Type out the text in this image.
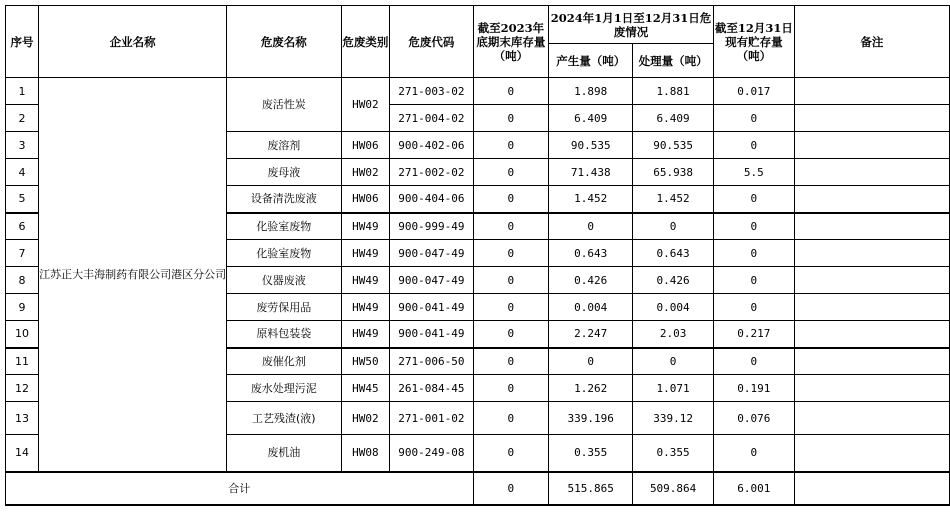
序号	企业名称	危废名称	危废类别	危废代码	截至2023年底期末库存量（吨）	2024年1月1日至12月31日危废情况		截至12月31日现有贮存量（吨）	备注
						产生量（吨）	处理量（吨）		
1	江苏正大丰海制药有限公司港区分公司	废活性炭	HW02	271-003-02	0	1.898	1.881	0.017	
2				271-004-02	0	6.409	6.409	0	
3		废溶剂	HW06	900-402-06	0	90.535	90.535	0	
4		废母液	HW02	271-002-02	0	71.438	65.938	5.5	
5		设备清洗废液	HW06	900-404-06	0	1.452	1.452	0	
6		化验室废物	HW49	900-999-49	0	0	0	0	
7		化验室废物	HW49	900-047-49	0	0.643	0.643	0	
8		仪器废液	HW49	900-047-49	0	0.426	0.426	0	
9		废劳保用品	HW49	900-041-49	0	0.004	0.004	0	
10		原料包装袋	HW49	900-041-49	0	2.247	2.03	0.217	
11		废催化剂	HW50	271-006-50	0	0	0	0	
12		废水处理污泥	HW45	261-084-45	0	1.262	1.071	0.191	
13		工艺残渣(液)	HW02	271-001-02	0	339.196	339.12	0.076	
14		废机油	HW08	900-249-08	0	0.355	0.355	0	
合计					0	515.865	509.864	6.001	
